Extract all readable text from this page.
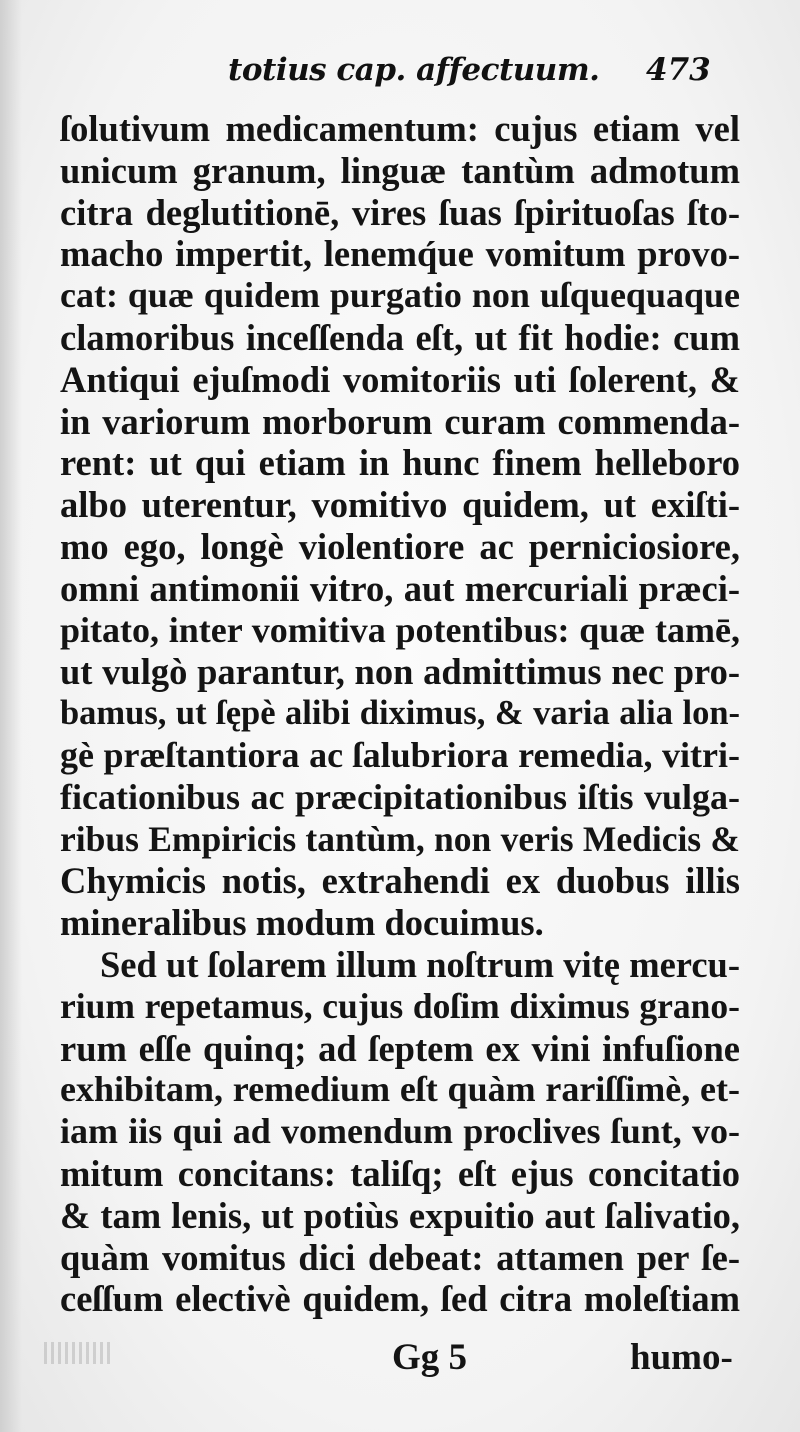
totius cap. affectuum. 473
ſolutivum medicamentum: cujus etiam vel
unicum granum, linguæ tantùm admotum
citra deglutitionē, vires ſuas ſpirituoſas ſto-
macho impertit, lenemq́ue vomitum provo-
cat: quæ quidem purgatio non uſquequaque
clamoribus inceſſenda eſt, ut fit hodie: cum
Antiqui ejuſmodi vomitoriis uti ſolerent, &
in variorum morborum curam commenda-
rent: ut qui etiam in hunc finem helleboro
albo uterentur, vomitivo quidem, ut exiſti-
mo ego, longè violentiore ac perniciosiore,
omni antimonii vitro, aut mercuriali præci-
pitato, inter vomitiva potentibus: quæ tamē,
ut vulgò parantur, non admittimus nec pro-
bamus, ut ſępè alibi diximus, & varia alia lon-
gè præſtantiora ac ſalubriora remedia, vitri-
ficationibus ac præcipitationibus iſtis vulga-
ribus Empiricis tantùm, non veris Medicis &
Chymicis notis, extrahendi ex duobus illis
mineralibus modum docuimus.
Sed ut ſolarem illum noſtrum vitę mercu-
rium repetamus, cujus doſim diximus grano-
rum eſſe quinq; ad ſeptem ex vini infuſione
exhibitam, remedium eſt quàm rariſſimè, et-
iam iis qui ad vomendum proclives ſunt, vo-
mitum concitans: taliſq; eſt ejus concitatio
& tam lenis, ut potiùs expuitio aut ſalivatio,
quàm vomitus dici debeat: attamen per ſe-
ceſſum electivè quidem, ſed citra moleſtiam
Gg 5	humo-
